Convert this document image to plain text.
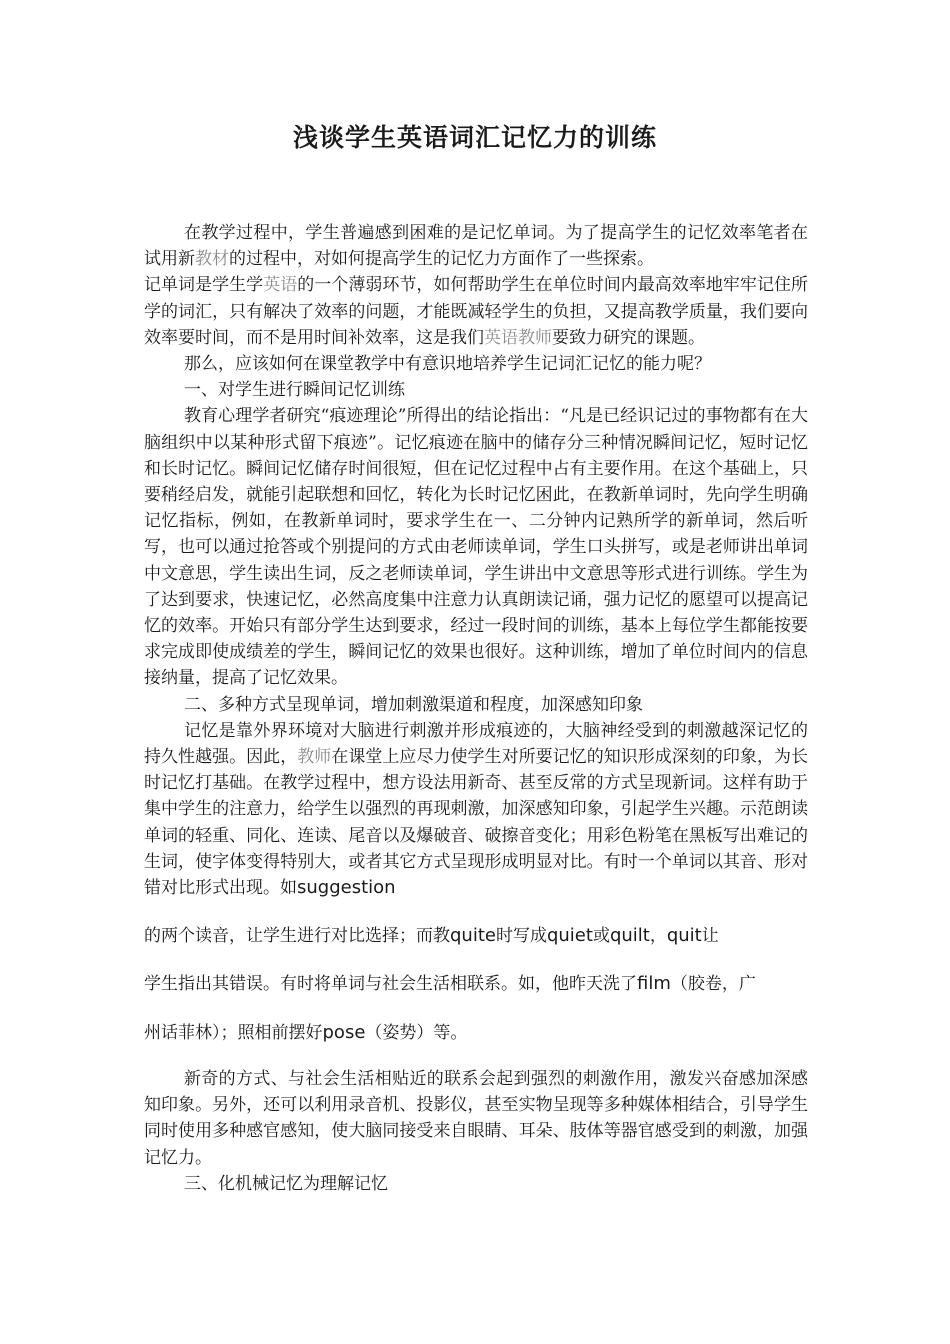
浅谈学生英语词汇记忆力的训练

在教学过程中，学生普遍感到困难的是记忆单词。为了提高学生的记忆效率笔者在试用新教材的过程中，对如何提高学生的记忆力方面作了一些探索。

记单词是学生学英语的一个薄弱环节，如何帮助学生在单位时间内最高效率地牢牢记住所学的词汇，只有解决了效率的问题，才能既减轻学生的负担，又提高教学质量，我们要向效率要时间，而不是用时间补效率，这是我们英语教师要致力研究的课题。

那么，应该如何在课堂教学中有意识地培养学生记词汇记忆的能力呢？

一、对学生进行瞬间记忆训练

教育心理学者研究“痕迹理论”所得出的结论指出：“凡是已经识记过的事物都有在大脑组织中以某种形式留下痕迹”。记忆痕迹在脑中的储存分三种情况瞬间记忆，短时记忆和长时记忆。瞬间记忆储存时间很短，但在记忆过程中占有主要作用。在这个基础上，只要稍经启发，就能引起联想和回忆，转化为长时记忆困此，在教新单词时，先向学生明确记忆指标，例如，在教新单词时，要求学生在一、二分钟内记熟所学的新单词，然后听写，也可以通过抢答或个别提问的方式由老师读单词，学生口头拼写，或是老师讲出单词中文意思，学生读出生词，反之老师读单词，学生讲出中文意思等形式进行训练。学生为了达到要求，快速记忆，必然高度集中注意力认真朗读记诵，强力记忆的愿望可以提高记忆的效率。开始只有部分学生达到要求，经过一段时间的训练，基本上每位学生都能按要求完成即使成绩差的学生，瞬间记忆的效果也很好。这种训练，增加了单位时间内的信息接纳量，提高了记忆效果。

二、多种方式呈现单词，增加刺激渠道和程度，加深感知印象

记忆是靠外界环境对大脑进行刺激并形成痕迹的，大脑神经受到的刺激越深记忆的持久性越强。因此，教师在课堂上应尽力使学生对所要记忆的知识形成深刻的印象，为长时记忆打基础。在教学过程中，想方设法用新奇、甚至反常的方式呈现新词。这样有助于集中学生的注意力，给学生以强烈的再现刺激，加深感知印象，引起学生兴趣。示范朗读单词的轻重、同化、连读、尾音以及爆破音、破擦音变化；用彩色粉笔在黑板写出难记的生词，使字体变得特别大，或者其它方式呈现形成明显对比。有时一个单词以其音、形对错对比形式出现。如suggestion

的两个读音，让学生进行对比选择；而教quite时写成quiet或quilt，quit让

学生指出其错误。有时将单词与社会生活相联系。如，他昨天洗了film（胶卷，广

州话菲林）；照相前摆好pose（姿势）等。

新奇的方式、与社会生活相贴近的联系会起到强烈的刺激作用，激发兴奋感加深感知印象。另外，还可以利用录音机、投影仪，甚至实物呈现等多种媒体相结合，引导学生同时使用多种感官感知，使大脑同接受来自眼睛、耳朵、肢体等器官感受到的刺激，加强记忆力。

三、化机械记忆为理解记忆
